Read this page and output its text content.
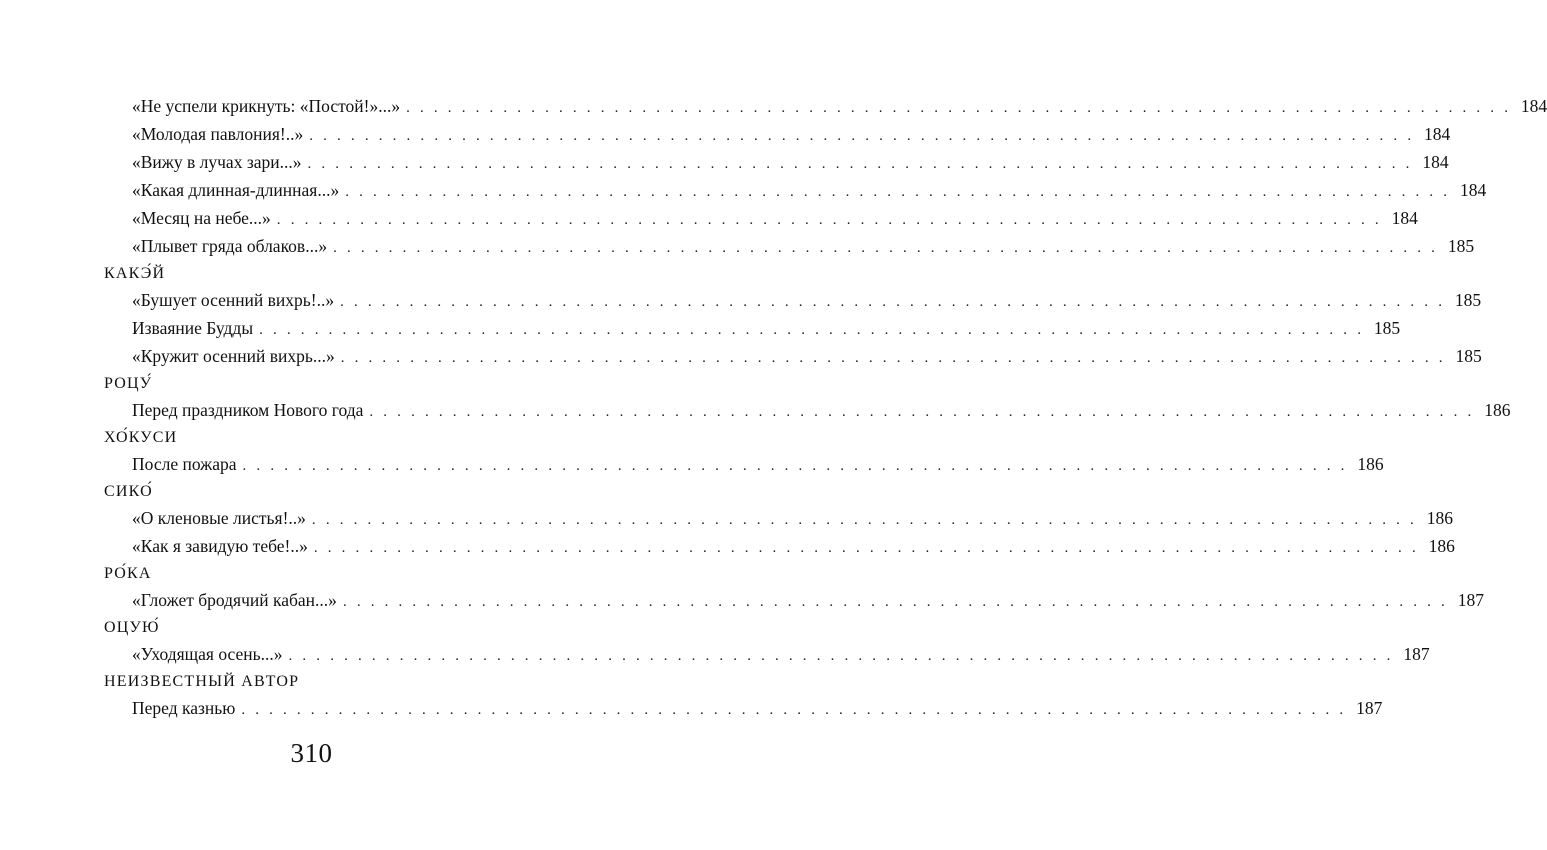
«Не успели крикнуть: «Постой!»...» . . . . . . . . . . . . . . . . . . . . . . . . . . . . . . . . . . . . . . . . . . . . . . . . . . . . . . . . . . . . . . . . . . . . . . . . . . . . . . . . 184
«Молодая павлония!..» . . . . . . . . . . . . . . . . . . . . . . . . . . . . . . . . . . . . . . . . . . . . . . . . . . . . . . . . . . . . . . . . . . . . . . . . . . . . . . . . 184
«Вижу в лучах зари...» . . . . . . . . . . . . . . . . . . . . . . . . . . . . . . . . . . . . . . . . . . . . . . . . . . . . . . . . . . . . . . . . . . . . . . . . . . . . . . . . 184
«Какая длинная-длинная...» . . . . . . . . . . . . . . . . . . . . . . . . . . . . . . . . . . . . . . . . . . . . . . . . . . . . . . . . . . . . . . . . . . . . . . . . . . . . . . . . 184
«Месяц на небе...» . . . . . . . . . . . . . . . . . . . . . . . . . . . . . . . . . . . . . . . . . . . . . . . . . . . . . . . . . . . . . . . . . . . . . . . . . . . . . . . . 184
«Плывет гряда облаков...» . . . . . . . . . . . . . . . . . . . . . . . . . . . . . . . . . . . . . . . . . . . . . . . . . . . . . . . . . . . . . . . . . . . . . . . . . . . . . . . . 185
КАКЭ́Й
«Бушует осенний вихрь!..» . . . . . . . . . . . . . . . . . . . . . . . . . . . . . . . . . . . . . . . . . . . . . . . . . . . . . . . . . . . . . . . . . . . . . . . . . . . . . . . . 185
Изваяние Будды . . . . . . . . . . . . . . . . . . . . . . . . . . . . . . . . . . . . . . . . . . . . . . . . . . . . . . . . . . . . . . . . . . . . . . . . . . . . . . . . 185
«Кружит осенний вихрь...» . . . . . . . . . . . . . . . . . . . . . . . . . . . . . . . . . . . . . . . . . . . . . . . . . . . . . . . . . . . . . . . . . . . . . . . . . . . . . . . . 185
РОЦУ́
Перед праздником Нового года . . . . . . . . . . . . . . . . . . . . . . . . . . . . . . . . . . . . . . . . . . . . . . . . . . . . . . . . . . . . . . . . . . . . . . . . . . . . . . . . 186
ХО́КУСИ
После пожара . . . . . . . . . . . . . . . . . . . . . . . . . . . . . . . . . . . . . . . . . . . . . . . . . . . . . . . . . . . . . . . . . . . . . . . . . . . . . . . . 186
СИКО́
«О кленовые листья!..» . . . . . . . . . . . . . . . . . . . . . . . . . . . . . . . . . . . . . . . . . . . . . . . . . . . . . . . . . . . . . . . . . . . . . . . . . . . . . . . . 186
«Как я завидую тебе!..» . . . . . . . . . . . . . . . . . . . . . . . . . . . . . . . . . . . . . . . . . . . . . . . . . . . . . . . . . . . . . . . . . . . . . . . . . . . . . . . . 186
РО́КА
«Гложет бродячий кабан...» . . . . . . . . . . . . . . . . . . . . . . . . . . . . . . . . . . . . . . . . . . . . . . . . . . . . . . . . . . . . . . . . . . . . . . . . . . . . . . . . 187
ОЦУЮ́
«Уходящая осень...» . . . . . . . . . . . . . . . . . . . . . . . . . . . . . . . . . . . . . . . . . . . . . . . . . . . . . . . . . . . . . . . . . . . . . . . . . . . . . . . . 187
НЕИЗВЕСТНЫЙ АВТОР
Перед казнью . . . . . . . . . . . . . . . . . . . . . . . . . . . . . . . . . . . . . . . . . . . . . . . . . . . . . . . . . . . . . . . . . . . . . . . . . . . . . . . . 187
310
